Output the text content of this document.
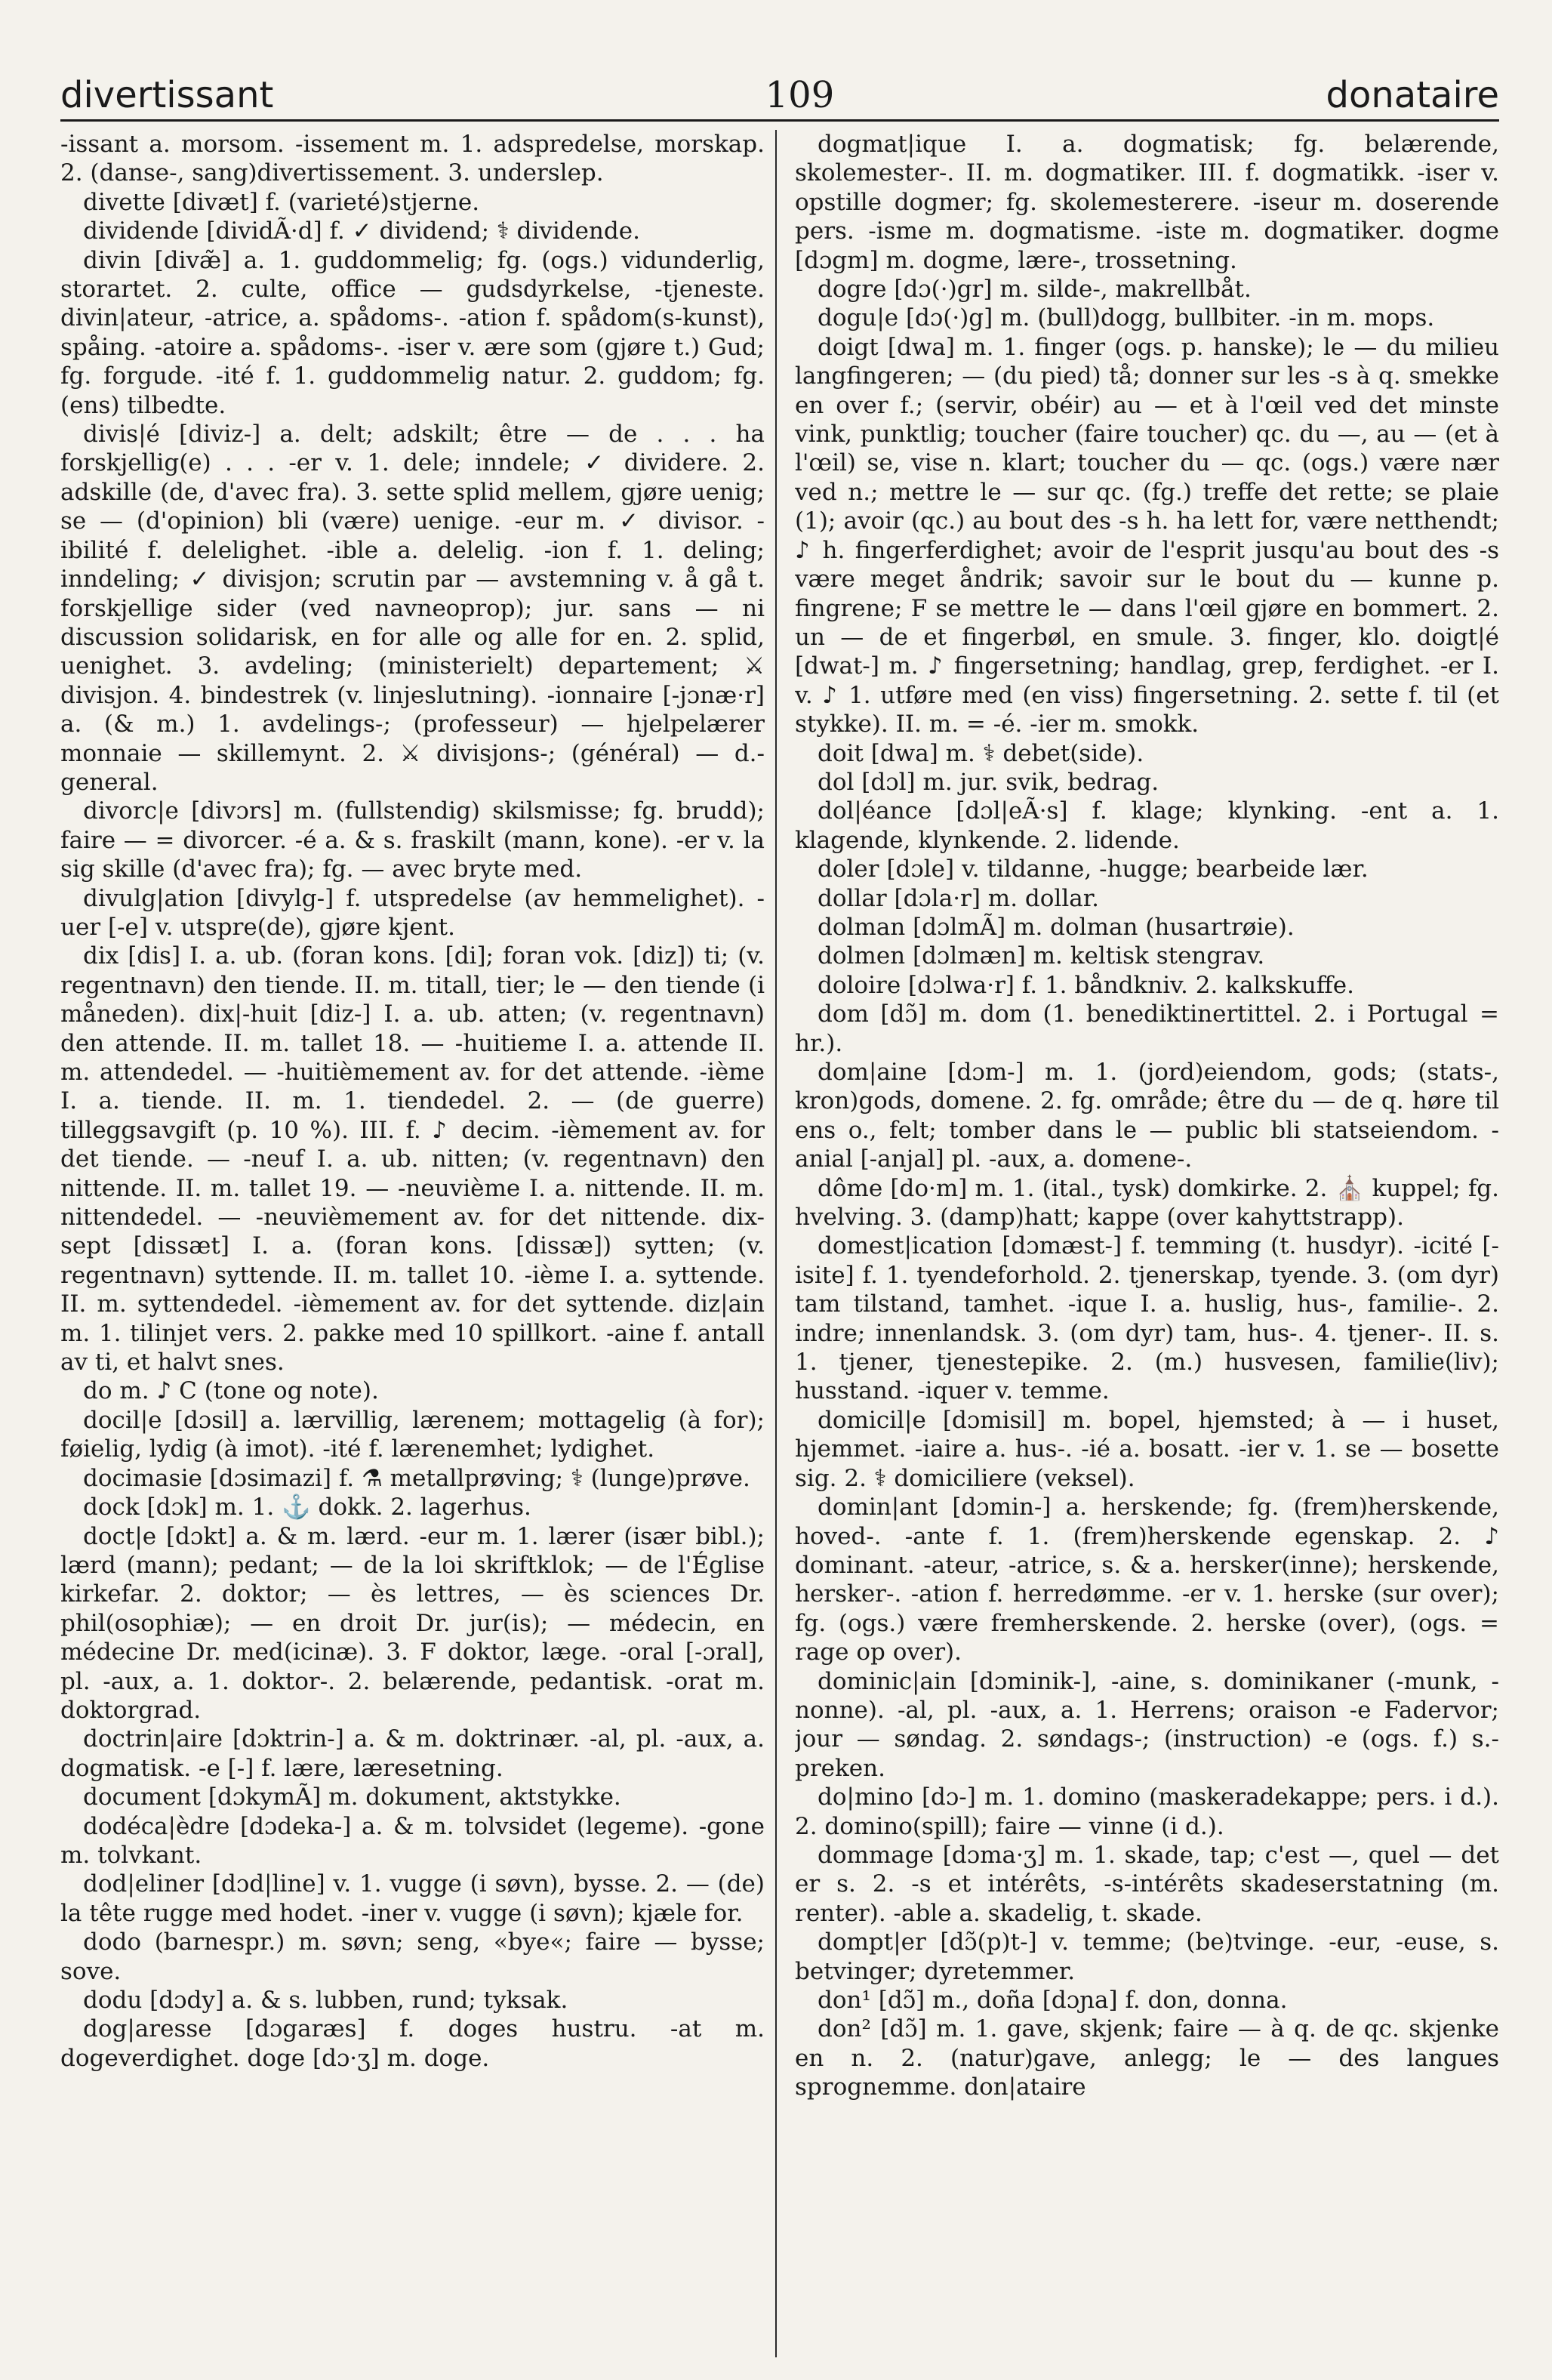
divertissant	109	donataire

-issant a. morsom. -issement m. 1. adspredelse, morskap. 2. (danse-, sang)divertissement. 3. underslep.

divette [divæt] f. (varieté)stjerne.

dividende [dividÃ·d] f. ✓ dividend; ⚕ dividende.

divin [divæ̃] a. 1. guddommelig; fg. (ogs.) vidunderlig, storartet. 2. culte, office — gudsdyrkelse, -tjeneste. divin|ateur, -atrice, a. spådoms-. -ation f. spådom(s-kunst), spåing. -atoire a. spådoms-. -iser v. ære som (gjøre t.) Gud; fg. forgude. -ité f. 1. guddommelig natur. 2. guddom; fg. (ens) tilbedte.

divis|é [diviz-] a. delt; adskilt; être — de . . . ha forskjellig(e) . . . -er v. 1. dele; inndele; ✓ dividere. 2. adskille (de, d'avec fra). 3. sette splid mellem, gjøre uenig; se — (d'opinion) bli (være) uenige. -eur m. ✓ divisor. -ibilité f. delelighet. -ible a. delelig. -ion f. 1. deling; inndeling; ✓ divisjon; scrutin par — avstemning v. å gå t. forskjellige sider (ved navneoprop); jur. sans — ni discussion solidarisk, en for alle og alle for en. 2. splid, uenighet. 3. avdeling; (ministerielt) departement; ⚔ divisjon. 4. bindestrek (v. linjeslutning). -ionnaire [-jɔnæ·r] a. (& m.) 1. avdelings-; (professeur) — hjelpelærer monnaie — skillemynt. 2. ⚔ divisjons-; (général) — d.-general.

divorc|e [divɔrs] m. (fullstendig) skilsmisse; fg. brudd); faire — = divorcer. -é a. & s. fraskilt (mann, kone). -er v. la sig skille (d'avec fra); fg. — avec bryte med.

divulg|ation [divylg-] f. utspredelse (av hemmelighet). -uer [-e] v. utspre(de), gjøre kjent.

dix [dis] I. a. ub. (foran kons. [di]; foran vok. [diz]) ti; (v. regentnavn) den tiende. II. m. titall, tier; le — den tiende (i måneden). dix|-huit [diz-] I. a. ub. atten; (v. regentnavn) den attende. II. m. tallet 18. — -huitieme I. a. attende II. m. attendedel. — -huitièmement av. for det attende. -ième I. a. tiende. II. m. 1. tiendedel. 2. — (de guerre) tilleggsavgift (p. 10 %). III. f. ♪ decim. -ièmement av. for det tiende. — -neuf I. a. ub. nitten; (v. regentnavn) den nittende. II. m. tallet 19. — -neuvième I. a. nittende. II. m. nittendedel. — -neuvièmement av. for det nittende. dix-sept [dissæt] I. a. (foran kons. [dissæ]) sytten; (v. regentnavn) syttende. II. m. tallet 10. -ième I. a. syttende. II. m. syttendedel. -ièmement av. for det syttende. diz|ain m. 1. tilinjet vers. 2. pakke med 10 spillkort. -aine f. antall av ti, et halvt snes.

do m. ♪ C (tone og note).

docil|e [dɔsil] a. lærvillig, lærenem; mottagelig (à for); føielig, lydig (à imot). -ité f. lærenemhet; lydighet.

docimasie [dɔsimazi] f. ⚗ metallprøving; ⚕ (lunge)prøve.

dock [dɔk] m. 1. ⚓ dokk. 2. lagerhus.

doct|e [dɔkt] a. & m. lærd. -eur m. 1. lærer (især bibl.); lærd (mann); pedant; — de la loi skriftklok; — de l'Église kirkefar. 2. doktor; — ès lettres, — ès sciences Dr. phil(osophiæ); — en droit Dr. jur(is); — médecin, en médecine Dr. med(icinæ). 3. F doktor, læge. -oral [-ɔral], pl. -aux, a. 1. doktor-. 2. belærende, pedantisk. -orat m. doktorgrad.

doctrin|aire [dɔktrin-] a. & m. doktrinær. -al, pl. -aux, a. dogmatisk. -e [-] f. lære, læresetning.

document [dɔkymÃ] m. dokument, aktstykke.

dodéca|èdre [dɔdeka-] a. & m. tolvsidet (legeme). -gone m. tolvkant.

dod|eliner [dɔd|line] v. 1. vugge (i søvn), bysse. 2. — (de) la tête rugge med hodet. -iner v. vugge (i søvn); kjæle for.

dodo (barnespr.) m. søvn; seng, «bye«; faire — bysse; sove.

dodu [dɔdy] a. & s. lubben, rund; tyksak.

dog|aresse [dɔgaræs] f. doges hustru. -at m. dogeverdighet. doge [dɔ·ʒ] m. doge.

dogmat|ique I. a. dogmatisk; fg. belærende, skolemester-. II. m. dogmatiker. III. f. dogmatikk. -iser v. opstille dogmer; fg. skolemesterere. -iseur m. doserende pers. -isme m. dogmatisme. -iste m. dogmatiker. dogme [dɔgm] m. dogme, lære-, trossetning.

dogre [dɔ(·)gr] m. silde-, makrellbåt.

dogu|e [dɔ(·)g] m. (bull)dogg, bullbiter. -in m. mops.

doigt [dwa] m. 1. finger (ogs. p. hanske); le — du milieu langfingeren; — (du pied) tå; donner sur les -s à q. smekke en over f.; (servir, obéir) au — et à l'œil ved det minste vink, punktlig; toucher (faire toucher) qc. du —, au — (et à l'œil) se, vise n. klart; toucher du — qc. (ogs.) være nær ved n.; mettre le — sur qc. (fg.) treffe det rette; se plaie (1); avoir (qc.) au bout des -s h. ha lett for, være netthendt; ♪ h. fingerferdighet; avoir de l'esprit jusqu'au bout des -s være meget åndrik; savoir sur le bout du — kunne p. fingrene; F se mettre le — dans l'œil gjøre en bommert. 2. un — de et fingerbøl, en smule. 3. finger, klo. doigt|é [dwat-] m. ♪ fingersetning; handlag, grep, ferdighet. -er I. v. ♪ 1. utføre med (en viss) fingersetning. 2. sette f. til (et stykke). II. m. = -é. -ier m. smokk.

doit [dwa] m. ⚕ debet(side).

dol [dɔl] m. jur. svik, bedrag.

dol|éance [dɔl|eÃ·s] f. klage; klynking. -ent a. 1. klagende, klynkende. 2. lidende.

doler [dɔle] v. tildanne, -hugge; bearbeide lær.

dollar [dɔla·r] m. dollar.

dolman [dɔlmÃ] m. dolman (husartrøie).

dolmen [dɔlmæn] m. keltisk stengrav.

doloire [dɔlwa·r] f. 1. båndkniv. 2. kalkskuffe.

dom [dɔ̃] m. dom (1. benediktinertittel. 2. i Portugal = hr.).

dom|aine [dɔm-] m. 1. (jord)eiendom, gods; (stats-, kron)gods, domene. 2. fg. område; être du — de q. høre til ens o., felt; tomber dans le — public bli statseiendom. -anial [-anjal] pl. -aux, a. domene-.

dôme [do·m] m. 1. (ital., tysk) domkirke. 2. ⛪ kuppel; fg. hvelving. 3. (damp)hatt; kappe (over kahyttstrapp).

domest|ication [dɔmæst-] f. temming (t. husdyr). -icité [-isite] f. 1. tyendeforhold. 2. tjenerskap, tyende. 3. (om dyr) tam tilstand, tamhet. -ique I. a. huslig, hus-, familie-. 2. indre; innenlandsk. 3. (om dyr) tam, hus-. 4. tjener-. II. s. 1. tjener, tjenestepike. 2. (m.) husvesen, familie(liv); husstand. -iquer v. temme.

domicil|e [dɔmisil] m. bopel, hjemsted; à — i huset, hjemmet. -iaire a. hus-. -ié a. bosatt. -ier v. 1. se — bosette sig. 2. ⚕ domiciliere (veksel).

domin|ant [dɔmin-] a. herskende; fg. (frem)herskende, hoved-. -ante f. 1. (frem)herskende egenskap. 2. ♪ dominant. -ateur, -atrice, s. & a. hersker(inne); herskende, hersker-. -ation f. herredømme. -er v. 1. herske (sur over); fg. (ogs.) være fremherskende. 2. herske (over), (ogs. = rage op over).

dominic|ain [dɔminik-], -aine, s. dominikaner (-munk, -nonne). -al, pl. -aux, a. 1. Herrens; oraison -e Fadervor; jour — søndag. 2. søndags-; (instruction) -e (ogs. f.) s.-preken.

do|mino [dɔ-] m. 1. domino (maskeradekappe; pers. i d.). 2. domino(spill); faire — vinne (i d.).

dommage [dɔma·ʒ] m. 1. skade, tap; c'est —, quel — det er s. 2. -s et intérêts, -s-intérêts skadeserstatning (m. renter). -able a. skadelig, t. skade.

dompt|er [dɔ̃(p)t-] v. temme; (be)tvinge. -eur, -euse, s. betvinger; dyretemmer.

don¹ [dɔ̃] m., doña [dɔɲa] f. don, donna.

don² [dɔ̃] m. 1. gave, skjenk; faire — à q. de qc. skjenke en n. 2. (natur)gave, anlegg; le — des langues sprognemme. don|ataire
